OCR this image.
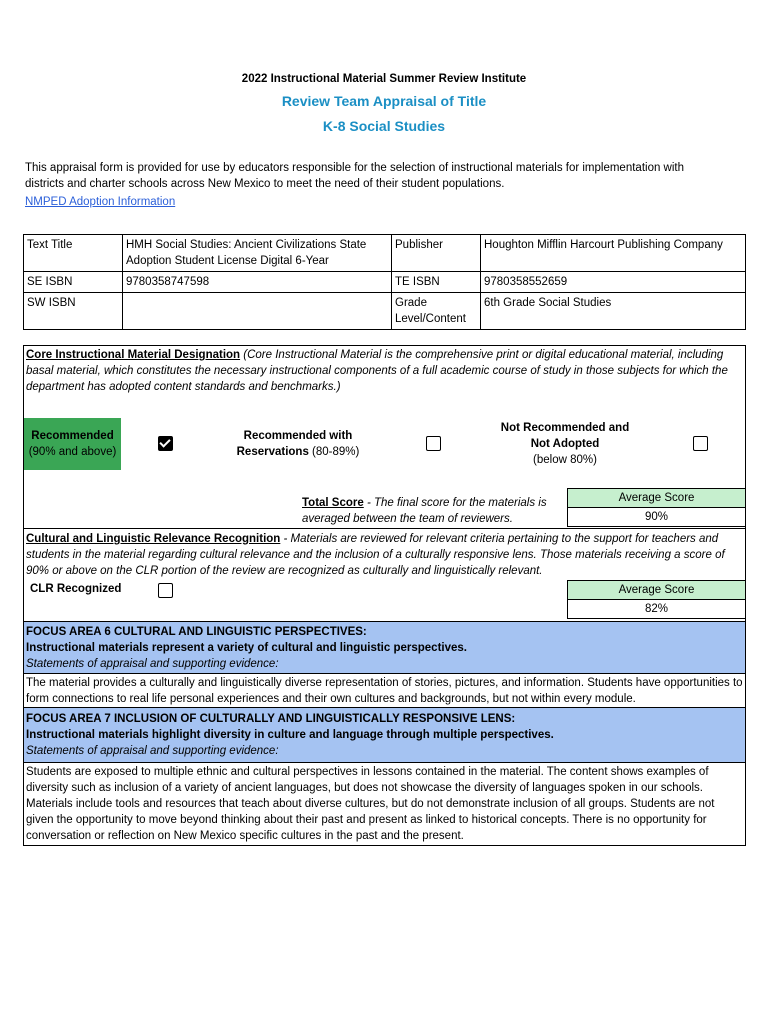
2022 Instructional Material Summer Review Institute
Review Team Appraisal of Title
K-8 Social Studies
This appraisal form is provided for use by educators responsible for the selection of instructional materials for implementation with districts and charter schools across New Mexico to meet the need of their student populations.
NMPED Adoption Information
Text Title	HMH Social Studies: Ancient Civilizations State Adoption Student License Digital 6-Year	Publisher	Houghton Mifflin Harcourt Publishing Company
SE ISBN	9780358747598	TE ISBN	9780358552659
SW ISBN		Grade Level/Content	6th Grade Social Studies
Core Instructional Material Designation (Core Instructional Material is the comprehensive print or digital educational material, including basal material, which constitutes the necessary instructional components of a full academic course of study in those subjects for which the department has adopted content standards and benchmarks.)
Recommended
(90% and above)
Recommended with Reservations (80-89%)
Not Recommended and Not Adopted
(below 80%)
Total Score - The final score for the materials is averaged between the team of reviewers.
Average Score
90%
Cultural and Linguistic Relevance Recognition - Materials are reviewed for relevant criteria pertaining to the support for teachers and students in the material regarding cultural relevance and the inclusion of a culturally responsive lens. Those materials receiving a score of 90% or above on the CLR portion of the review are recognized as culturally and linguistically relevant.
CLR Recognized	Average Score
82%
FOCUS AREA 6 CULTURAL AND LINGUISTIC PERSPECTIVES:
Instructional materials represent a variety of cultural and linguistic perspectives.
Statements of appraisal and supporting evidence:
The material provides a culturally and linguistically diverse representation of stories, pictures, and information. Students have opportunities to form connections to real life personal experiences and their own cultures and backgrounds, but not within every module.
FOCUS AREA 7 INCLUSION OF CULTURALLY AND LINGUISTICALLY RESPONSIVE LENS:
Instructional materials highlight diversity in culture and language through multiple perspectives.
Statements of appraisal and supporting evidence:
Students are exposed to multiple ethnic and cultural perspectives in lessons contained in the material. The content shows examples of diversity such as inclusion of a variety of ancient languages, but does not showcase the diversity of languages spoken in our schools. Materials include tools and resources that teach about diverse cultures, but do not demonstrate inclusion of all groups. Students are not given the opportunity to move beyond thinking about their past and present as linked to historical concepts. There is no opportunity for conversation or reflection on New Mexico specific cultures in the past and the present.
